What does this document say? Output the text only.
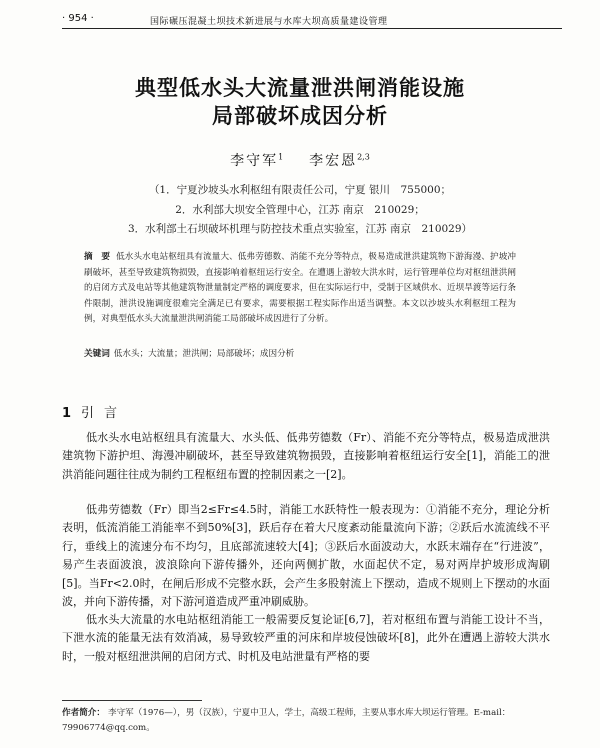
· 954 ·	国际碾压混凝土坝技术新进展与水库大坝高质量建设管理
典型低水头大流量泄洪闸消能设施
局部破坏成因分析
李守军$^1$ 李宏恩$^{2,3}$
（1．宁夏沙坡头水利枢纽有限责任公司，宁夏 银川　755000；
2．水利部大坝安全管理中心，江苏 南京　210029；
3．水利部土石坝破坏机理与防控技术重点实验室，江苏 南京　210029）
摘　要 低水头水电站枢纽具有流量大、低弗劳德数、消能不充分等特点，极易造成泄洪建筑物下游海漫、护坡冲刷破坏，甚至导致建筑物损毁，直接影响着枢纽运行安全。在遭遇上游较大洪水时，运行管理单位均对枢纽泄洪闸的启闭方式及电站等其他建筑物泄量制定严格的调度要求，但在实际运行中，受制于区域供水、近坝旱渡等运行条件限制，泄洪设施调度很难完全满足已有要求，需要根据工程实际作出适当调整。本文以沙坡头水利枢纽工程为例，对典型低水头大流量泄洪闸消能工局部破坏成因进行了分析。
关键词 低水头；大流量；泄洪闸；局部破坏；成因分析
1 引言
低水头水电站枢纽具有流量大、水头低、低弗劳德数（Fr）、消能不充分等特点，极易造成泄洪建筑物下游护坦、海漫冲刷破坏，甚至导致建筑物损毁，直接影响着枢纽运行安全[1]，消能工的泄洪消能问题往往成为制约工程枢纽布置的控制因素之一[2]。
低弗劳德数（Fr）即当2≤Fr≤4.5时，消能工水跃特性一般表现为：①消能不充分，理论分析表明，低流消能工消能率不到50%[3]，跃后存在着大尺度紊动能量流向下游；②跃后水流流线不平行，垂线上的流速分布不均匀，且底部流速较大[4]；③跃后水面波动大，水跃末端存在“行进波”，易产生表面波浪，波浪除向下游传播外，还向两侧扩散，水面起伏不定，易对两岸护坡形成淘刷[5]。当Fr<2.0时，在闸后形成不完整水跃，会产生多股射流上下摆动，造成不规则上下摆动的水面波，并向下游传播，对下游河道造成严重冲刷威胁。
低水头大流量的水电站枢纽消能工一般需要反复论证[6,7]，若对枢纽布置与消能工设计不当，下泄水流的能量无法有效消减，易导致较严重的河床和岸坡侵蚀破坏[8]，此外在遭遇上游较大洪水时，一般对枢纽泄洪闸的启闭方式、时机及电站泄量有严格的要
作者简介： 李守军（1976—），男（汉族），宁夏中卫人，学士，高级工程师，主要从事水库大坝运行管理。E-mail：79906774@qq.com。
